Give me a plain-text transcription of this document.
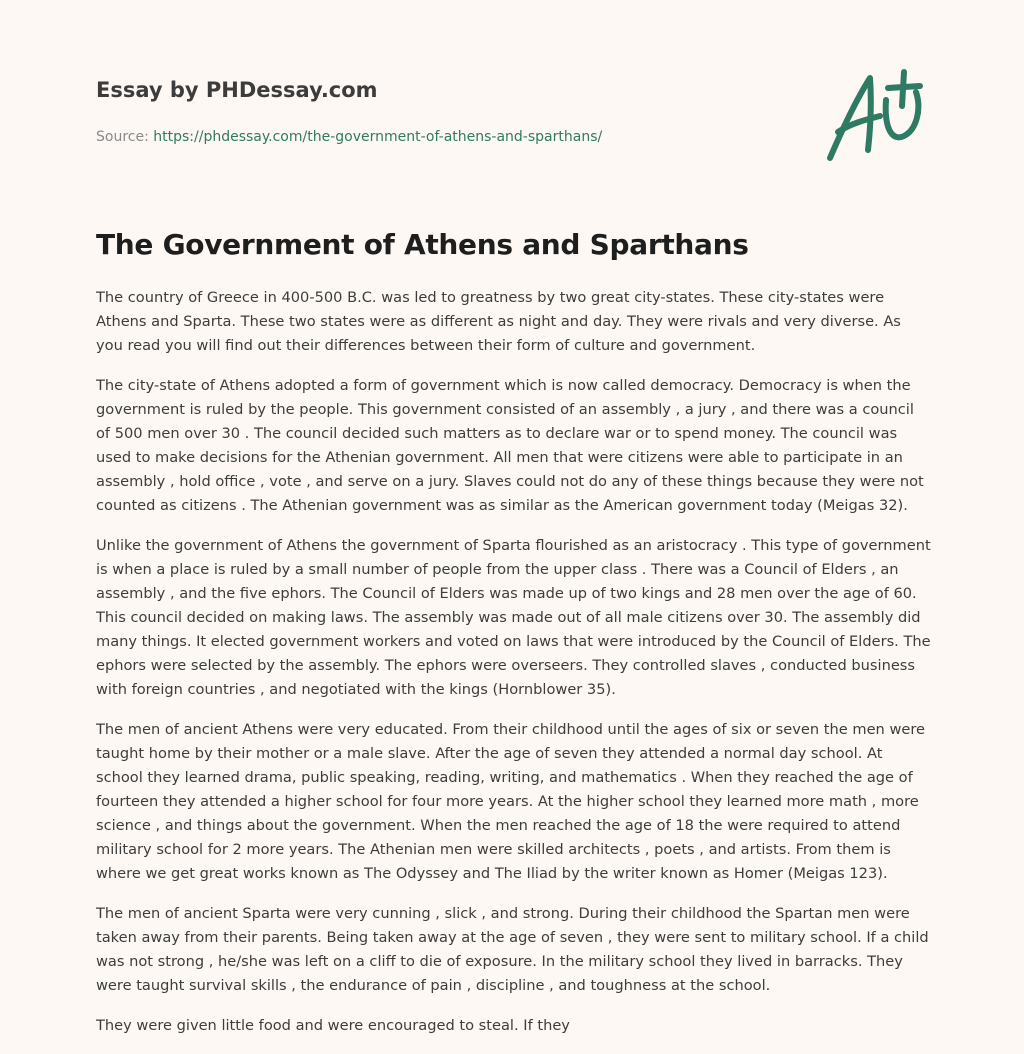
Essay by PHDessay.com
Source: https://phdessay.com/the-government-of-athens-and-sparthans/
The Government of Athens and Sparthans

The country of Greece in 400-500 B.C. was led to greatness by two great city-states. These city-states were Athens and Sparta. These two states were as different as night and day. They were rivals and very diverse. As you read you will find out their differences between their form of culture and government.

The city-state of Athens adopted a form of government which is now called democracy. Democracy is when the government is ruled by the people. This government consisted of an assembly , a jury , and there was a council of 500 men over 30 . The council decided such matters as to declare war or to spend money. The council was used to make decisions for the Athenian government. All men that were citizens were able to participate in an assembly , hold office , vote , and serve on a jury. Slaves could not do any of these things because they were not counted as citizens . The Athenian government was as similar as the American government today (Meigas 32).

Unlike the government of Athens the government of Sparta flourished as an aristocracy . This type of government is when a place is ruled by a small number of people from the upper class . There was a Council of Elders , an assembly , and the five ephors. The Council of Elders was made up of two kings and 28 men over the age of 60. This council decided on making laws. The assembly was made out of all male citizens over 30. The assembly did many things. It elected government workers and voted on laws that were introduced by the Council of Elders. The ephors were selected by the assembly. The ephors were overseers. They controlled slaves , conducted business with foreign countries , and negotiated with the kings (Hornblower 35).

The men of ancient Athens were very educated. From their childhood until the ages of six or seven the men were taught home by their mother or a male slave. After the age of seven they attended a normal day school. At school they learned drama, public speaking, reading, writing, and mathematics . When they reached the age of fourteen they attended a higher school for four more years. At the higher school they learned more math , more science , and things about the government. When the men reached the age of 18 the were required to attend military school for 2 more years. The Athenian men were skilled architects , poets , and artists. From them is where we get great works known as The Odyssey and The Iliad by the writer known as Homer (Meigas 123).

The men of ancient Sparta were very cunning , slick , and strong. During their childhood the Spartan men were taken away from their parents. Being taken away at the age of seven , they were sent to military school. If a child was not strong , he/she was left on a cliff to die of exposure. In the military school they lived in barracks. They were taught survival skills , the endurance of pain , discipline , and toughness at the school.

They were given little food and were encouraged to steal. If they
